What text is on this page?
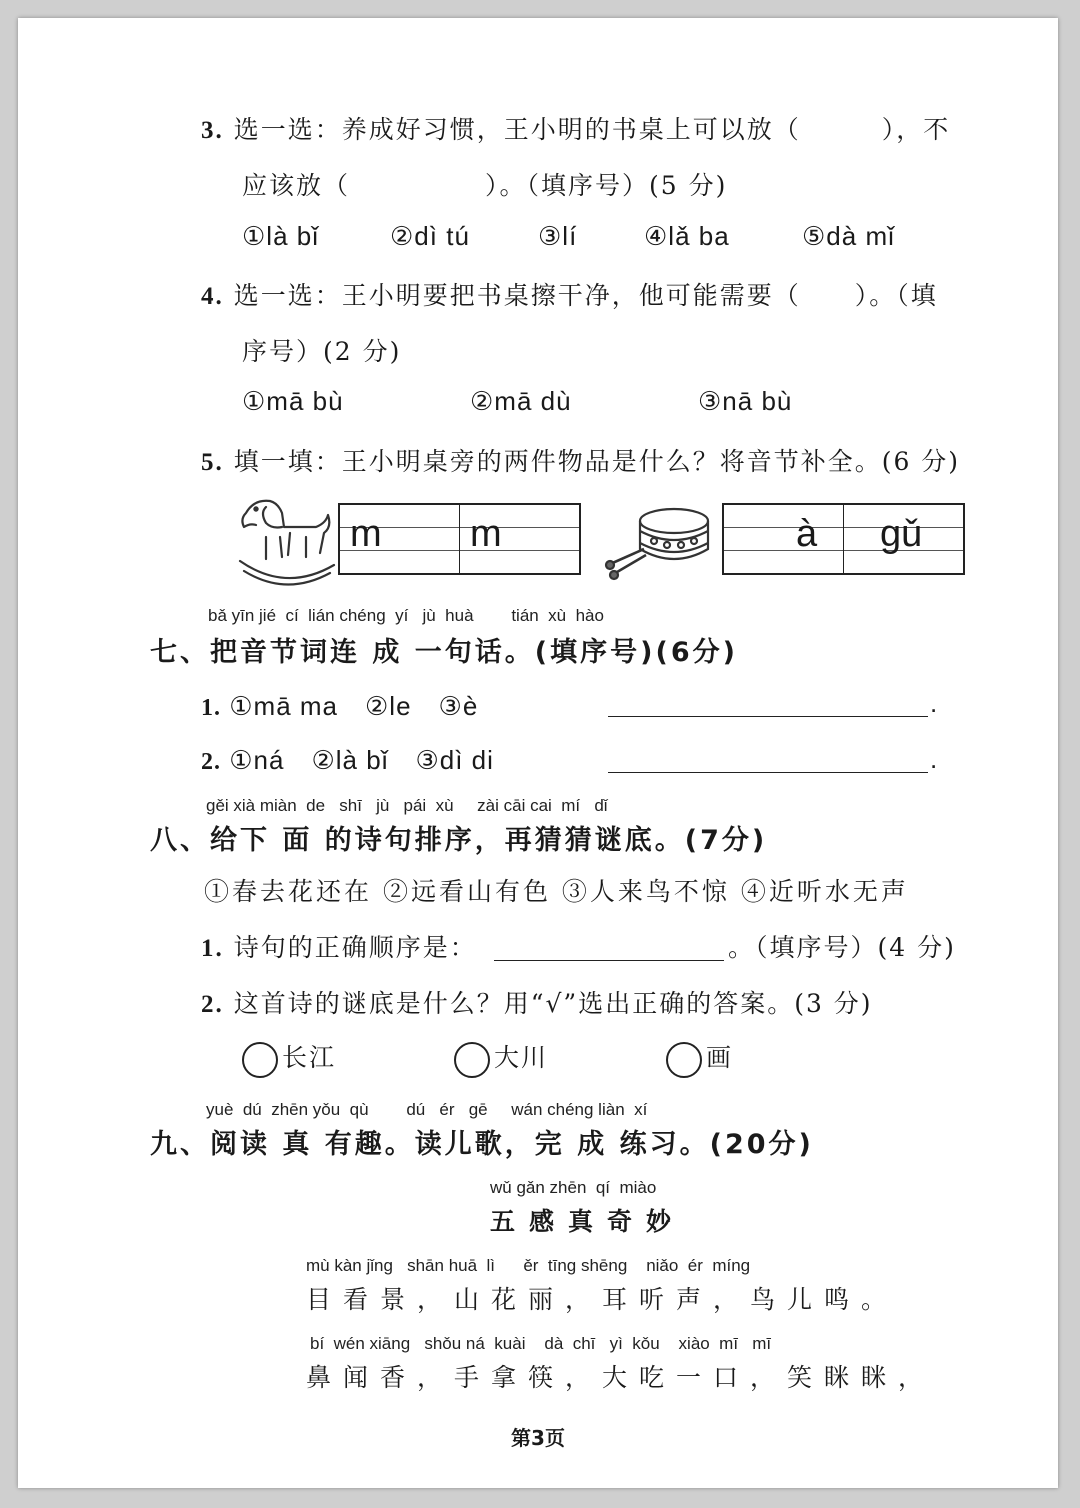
3. 选一选：养成好习惯，王小明的书桌上可以放（　　　），不
应该放（　　　　　）。（填序号）(5 分)
①là bǐ	②dì tú	③lí	④lǎ ba	⑤dà mǐ
4. 选一选：王小明要把书桌擦干净，他可能需要（　　）。（填
序号）(2 分)
①mā bù	②mā dù	③nā bù
5. 填一填：王小明桌旁的两件物品是什么？将音节补全。(6 分)
m m	à gǔ
bǎ yīn jié  cí  lián chéng  yí   jù  huà        tián  xù  hào
七、把音节词连 成 一句话。(填序号)(6分)
1. ①mā ma　②le　③è	.
2. ①ná　②là bǐ　③dì di	.
gěi xià miàn  de   shī   jù   pái  xù     zài cāi cai  mí   dǐ
八、给下 面 的诗句排序，再猜猜谜底。(7分)
①春去花还在 ②远看山有色 ③人来鸟不惊 ④近听水无声
1. 诗句的正确顺序是：	。（填序号）(4 分)
2. 这首诗的谜底是什么？用“√”选出正确的答案。(3 分)
长江	大川	画
yuè  dú  zhēn yǒu  qù        dú   ér   gē     wán chéng liàn  xí
九、阅读 真 有趣。读儿歌，完 成 练习。(20分)
wǔ gǎn zhēn  qí  miào
五感真奇妙
mù kàn jǐng   shān huā  lì      ěr  tīng shēng    niǎo  ér  míng
目看景，山花丽，耳听声，鸟儿鸣。
bí  wén xiāng   shǒu ná  kuài    dà  chī   yì  kǒu    xiào  mī   mī
鼻闻香，手拿筷，大吃一口，笑眯眯，
第3页
